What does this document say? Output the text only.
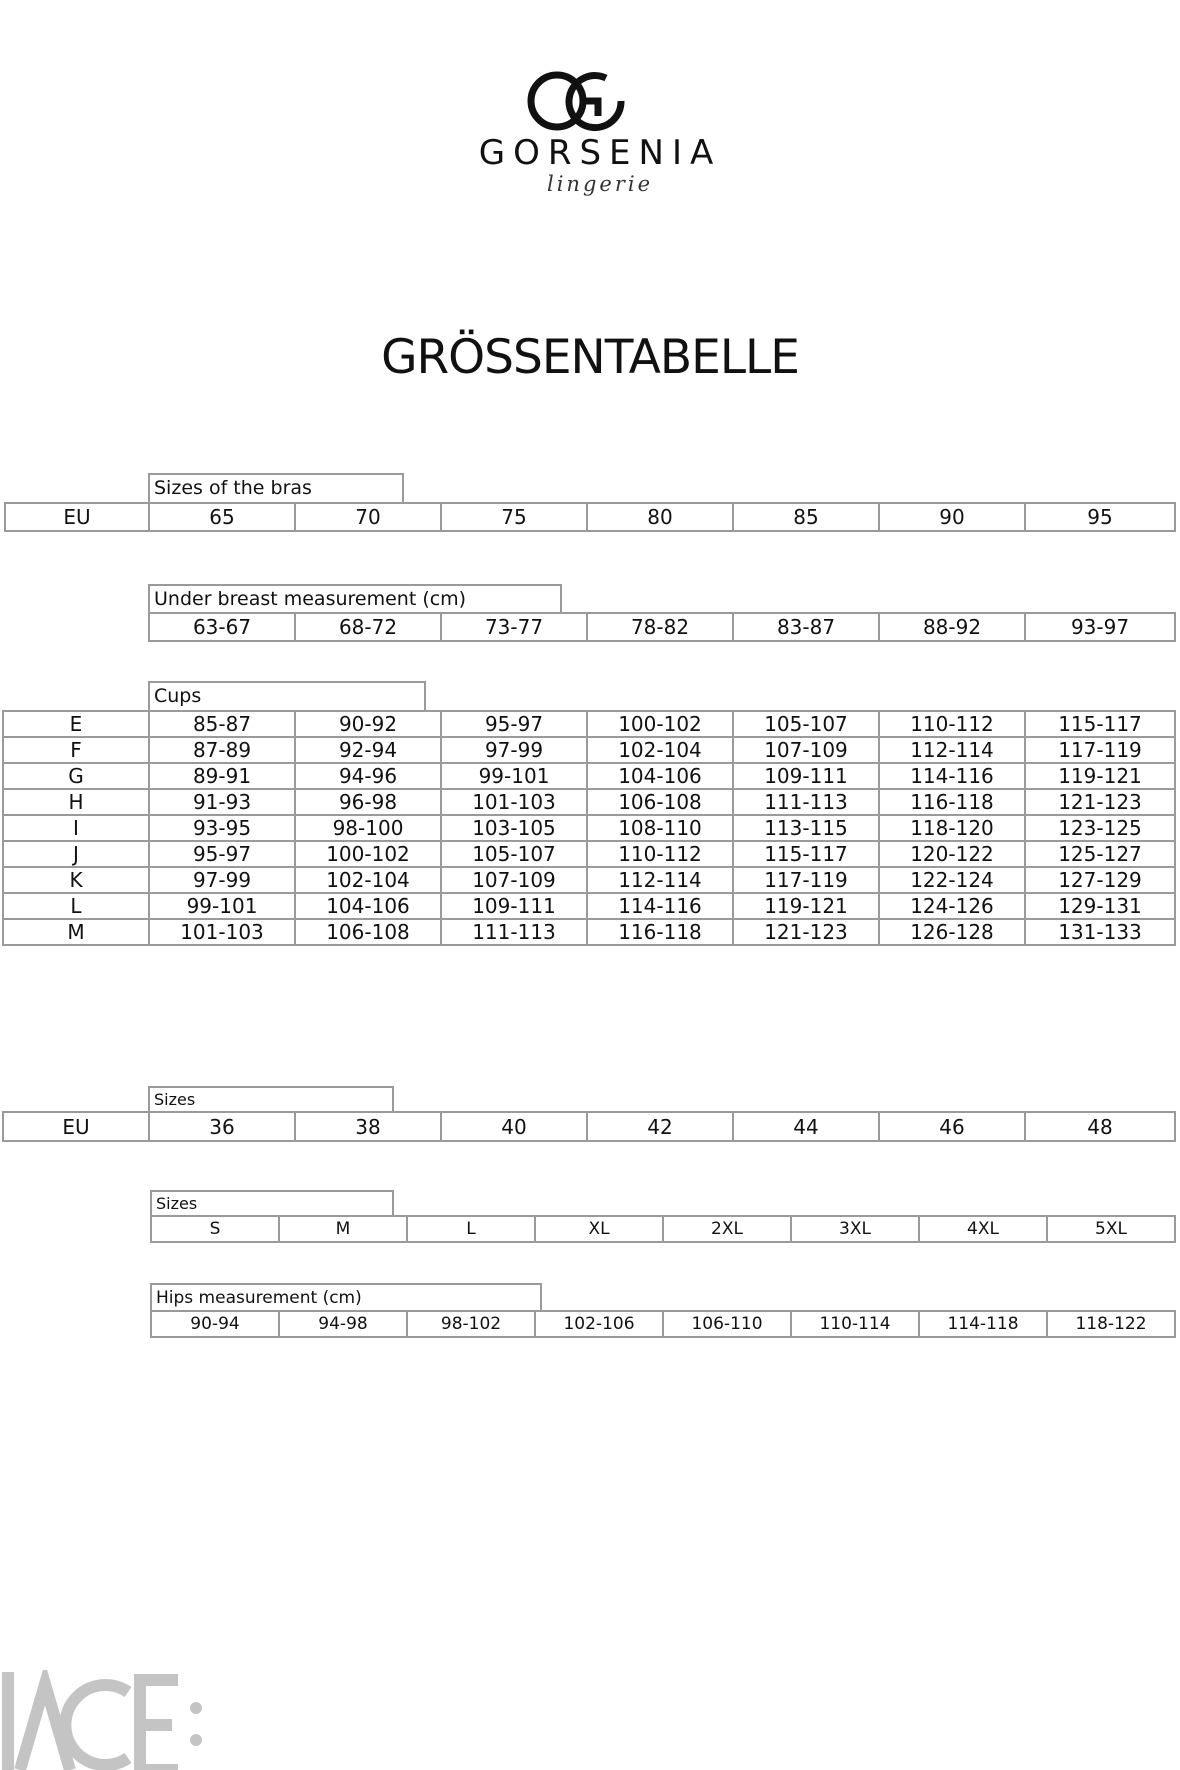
GORSENIA
lingerie
GRÖSSENTABELLE
Sizes of the bras
EU	65	70	75	80	85	90	95
Under breast measurement (cm)
63-67	68-72	73-77	78-82	83-87	88-92	93-97
Cups
E	85-87	90-92	95-97	100-102	105-107	110-112	115-117
F	87-89	92-94	97-99	102-104	107-109	112-114	117-119
G	89-91	94-96	99-101	104-106	109-111	114-116	119-121
H	91-93	96-98	101-103	106-108	111-113	116-118	121-123
I	93-95	98-100	103-105	108-110	113-115	118-120	123-125
J	95-97	100-102	105-107	110-112	115-117	120-122	125-127
K	97-99	102-104	107-109	112-114	117-119	122-124	127-129
L	99-101	104-106	109-111	114-116	119-121	124-126	129-131
M	101-103	106-108	111-113	116-118	121-123	126-128	131-133
Sizes
EU	36	38	40	42	44	46	48
Sizes
S	M	L	XL	2XL	3XL	4XL	5XL
Hips measurement (cm)
90-94	94-98	98-102	102-106	106-110	110-114	114-118	118-122
